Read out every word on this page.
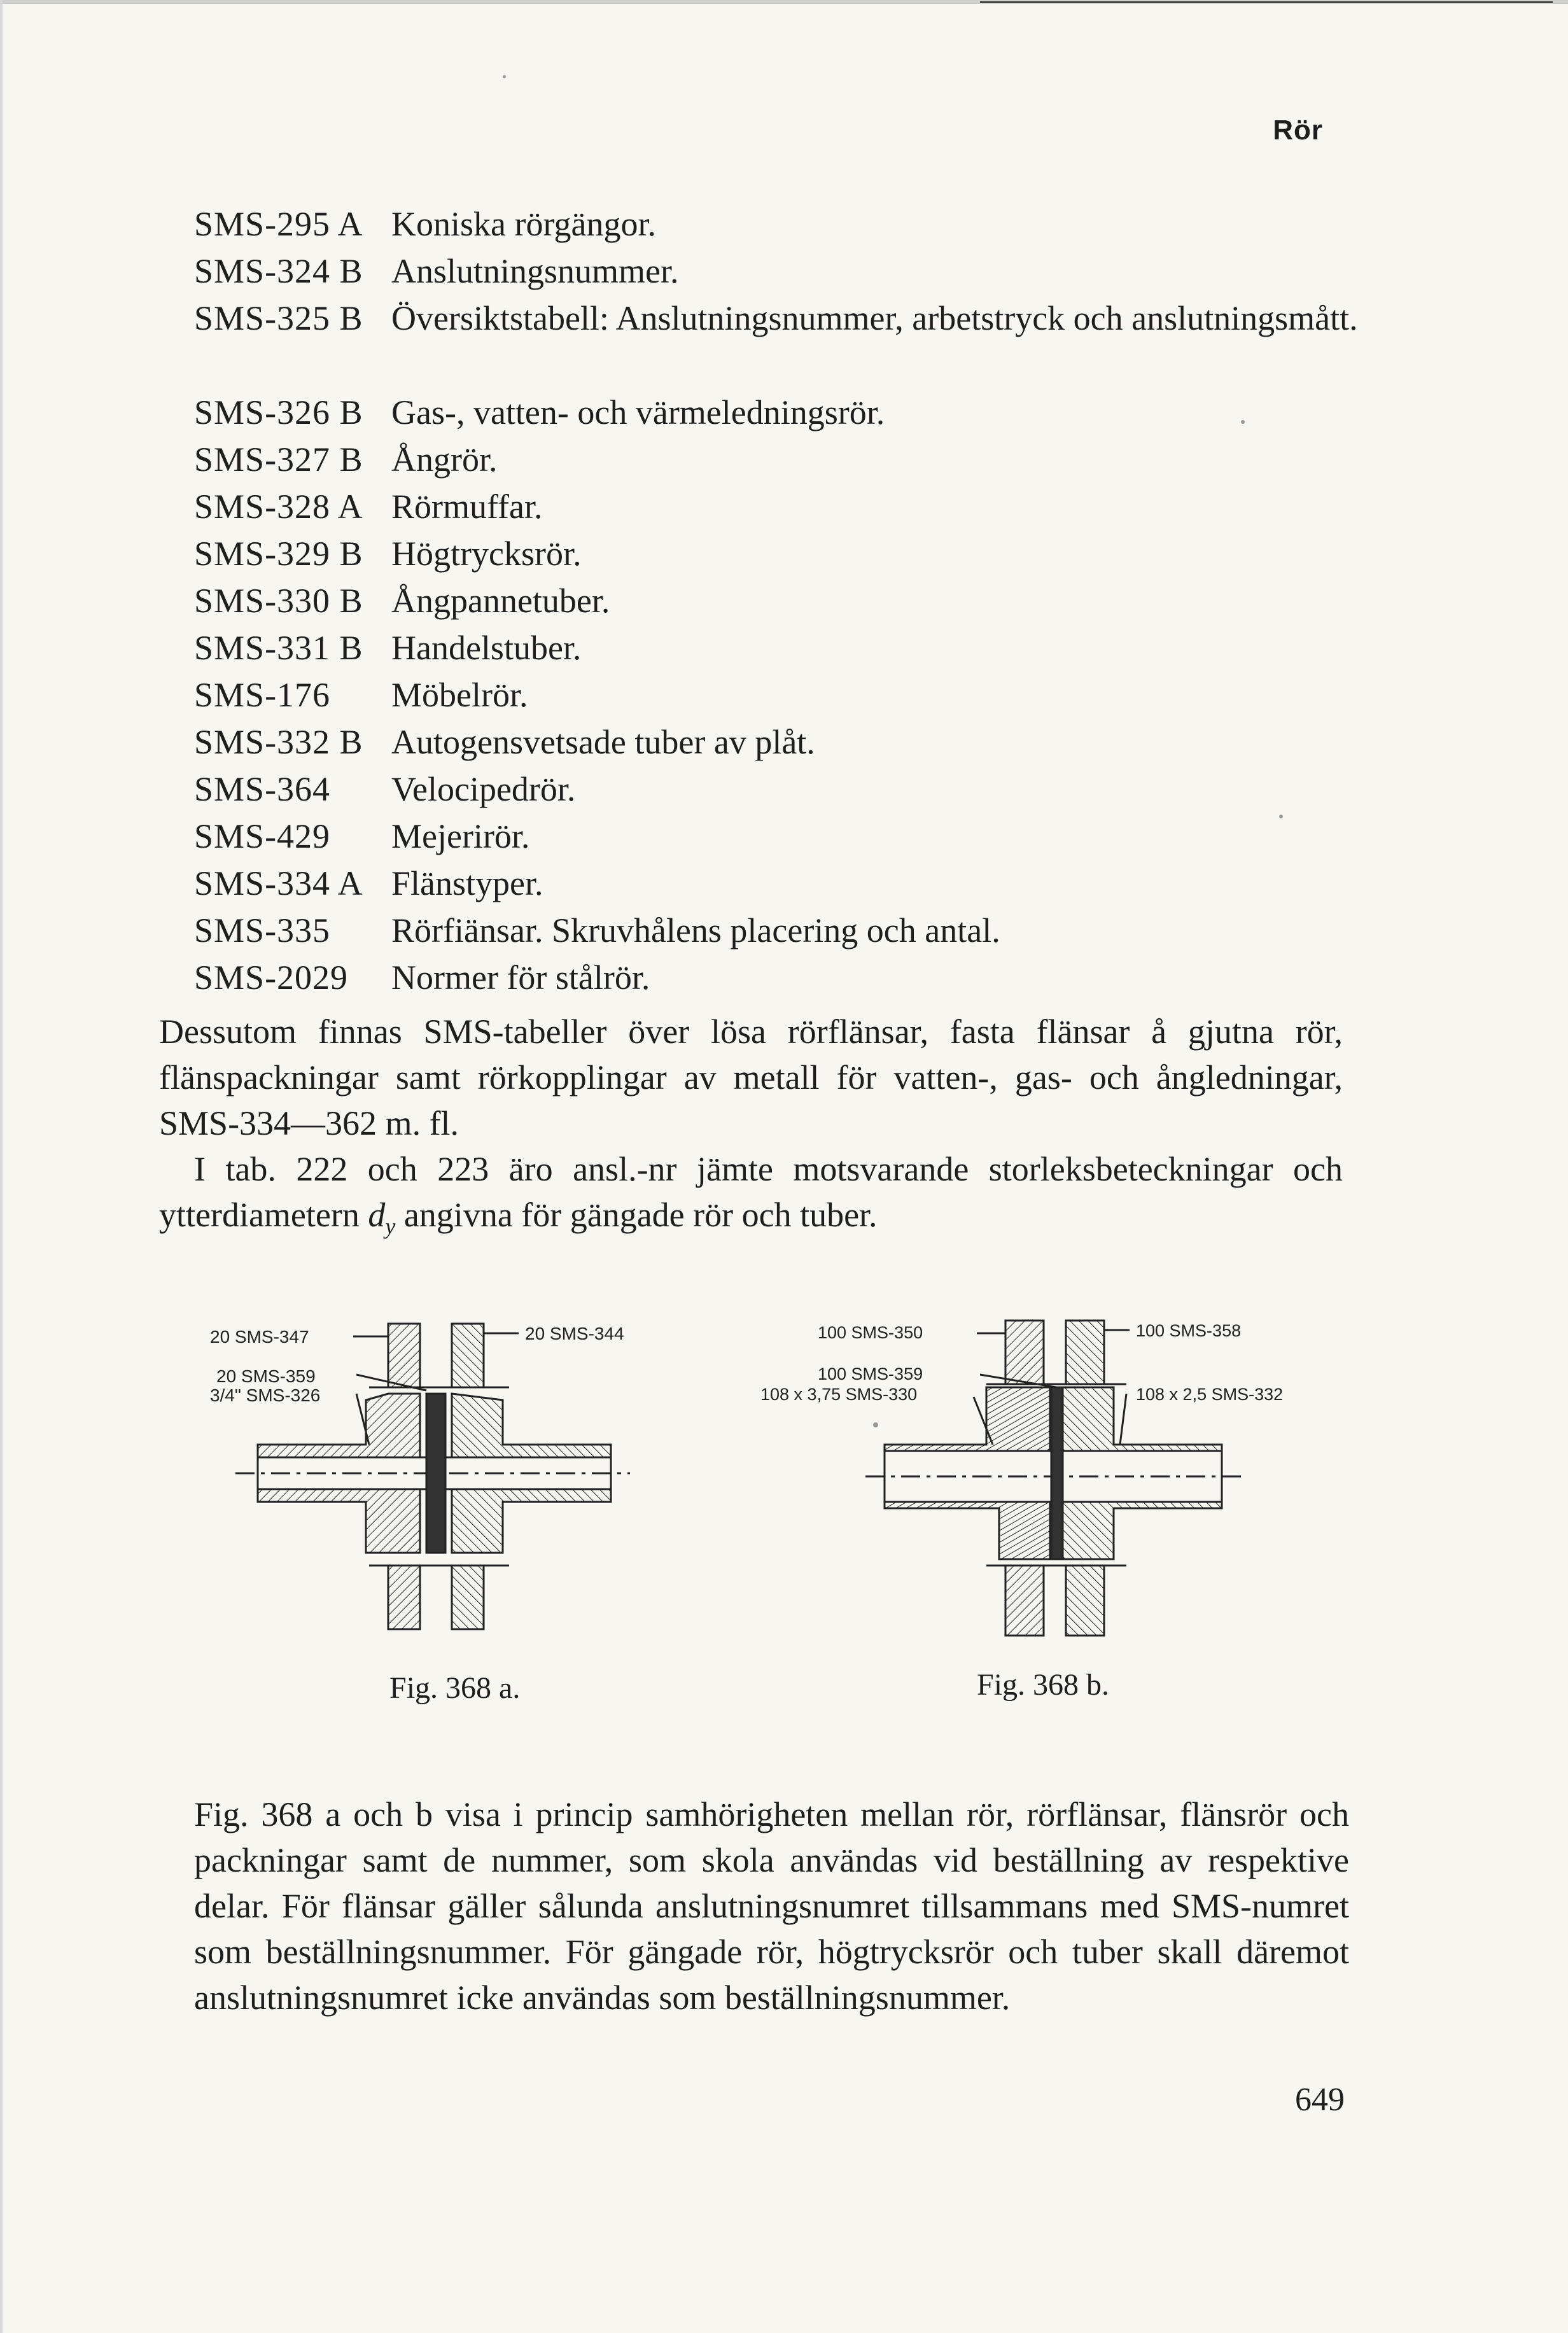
Rör
SMS-295 A Koniska rörgängor.
SMS-324 B Anslutningsnummer.
SMS-325 B Översiktstabell: Anslutningsnummer, arbetstryck och anslutningsmått.
SMS-326 B Gas-, vatten- och värmeledningsrör.
SMS-327 B Ångrör.
SMS-328 A Rörmuffar.
SMS-329 B Högtrycksrör.
SMS-330 B Ångpannetuber.
SMS-331 B Handelstuber.
SMS-176 Möbelrör.
SMS-332 B Autogensvetsade tuber av plåt.
SMS-364 Velocipedrör.
SMS-429 Mejerirör.
SMS-334 A Flänstyper.
SMS-335 Rörfiänsar. Skruvhålens placering och antal.
SMS-2029 Normer för stålrör.
Dessutom finnas SMS-tabeller över lösa rörflänsar, fasta flänsar å gjutna rör, flänspackningar samt rörkopplingar av metall för vatten-, gas- och ångledningar, SMS-334—362 m. fl.
I tab. 222 och 223 äro ansl.-nr jämte motsvarande storleksbeteckningar och ytterdiametern $d_y$ angivna för gängade rör och tuber.
20 SMS-347	20 SMS-344
20 SMS-359
3/4" SMS-326
100 SMS-350	100 SMS-358
100 SMS-359
108 x 3,75 SMS-330	108 x 2,5 SMS-332
Fig. 368 a.	Fig. 368 b.
Fig. 368 a och b visa i princip samhörigheten mellan rör, rörflänsar, flänsrör och packningar samt de nummer, som skola användas vid beställning av respektive delar. För flänsar gäller sålunda anslutningsnumret tillsammans med SMS-numret som beställningsnummer. För gängade rör, högtrycksrör och tuber skall däremot anslutningsnumret icke användas som beställningsnummer.
649
